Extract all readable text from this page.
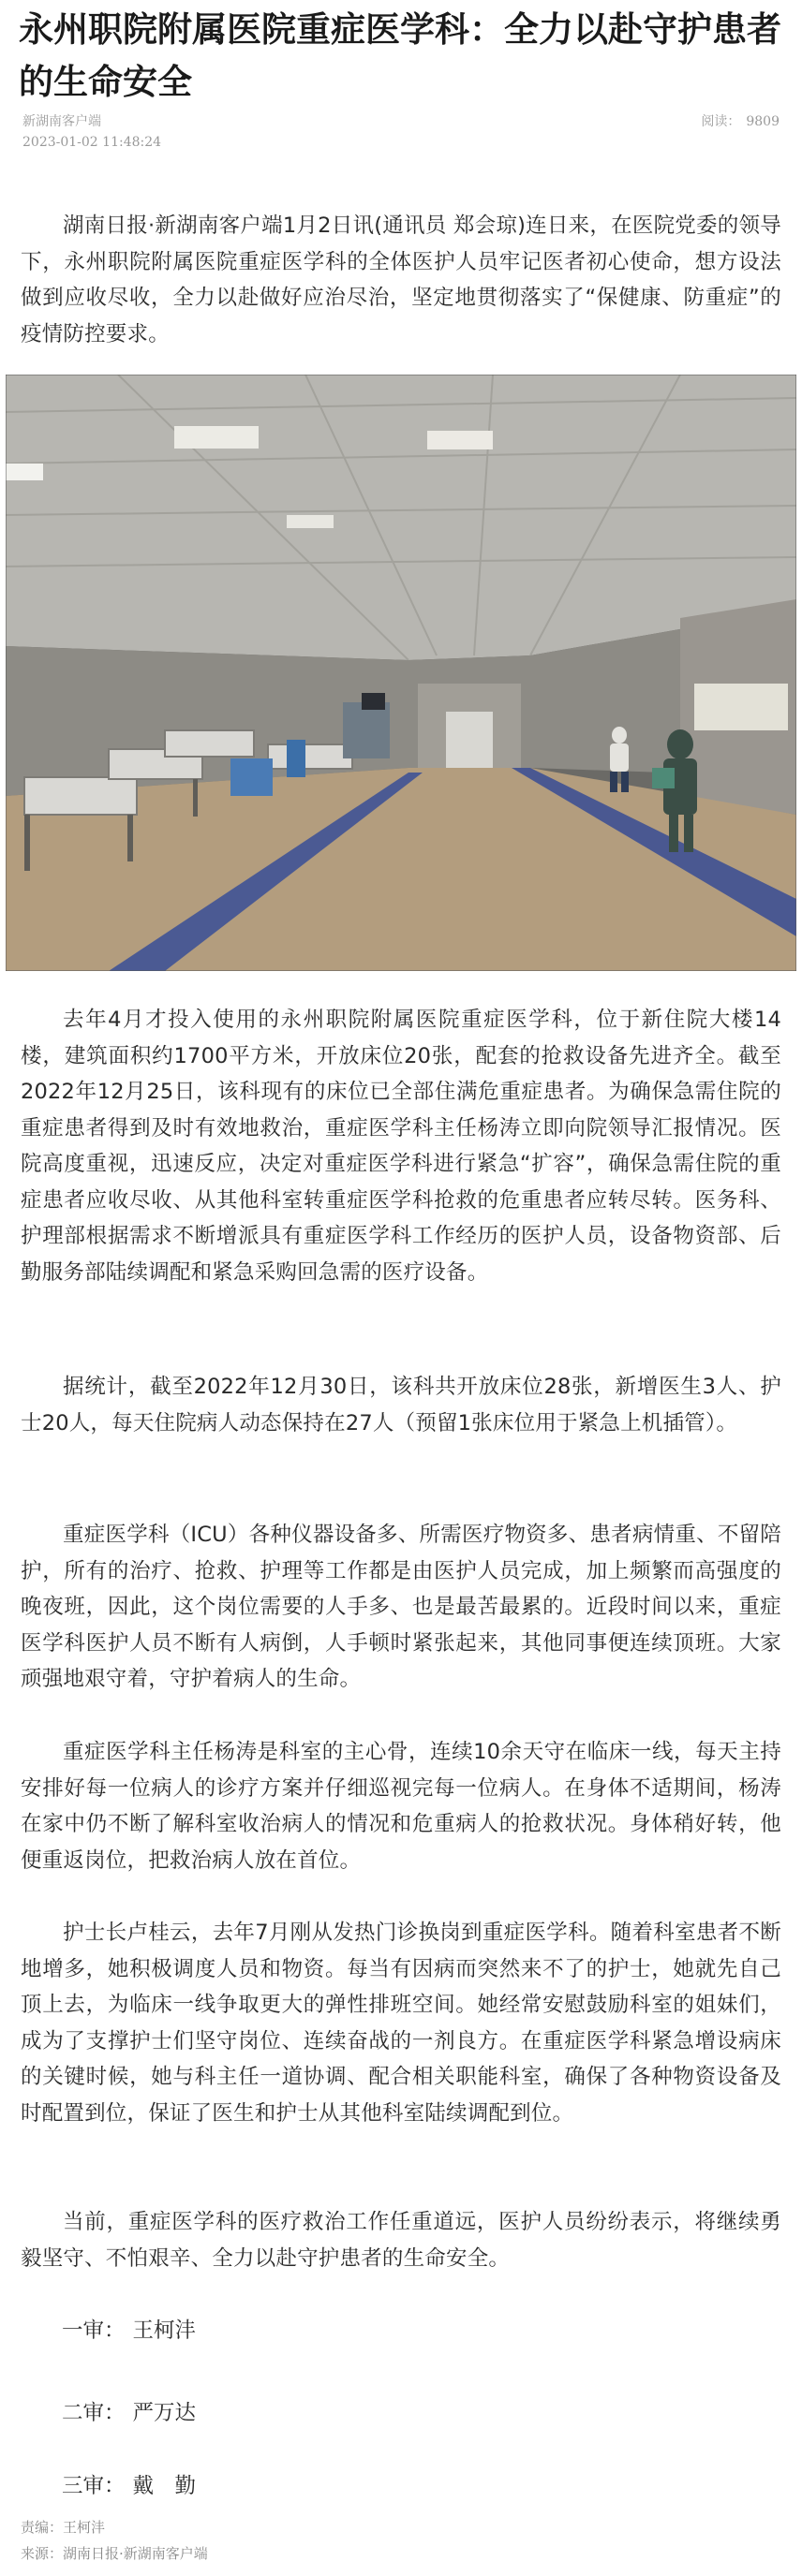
永州职院附属医院重症医学科：全力以赴守护患者的生命安全
新湖南客户端
2023-01-02 11:48:24
阅读： 9809

湖南日报·新湖南客户端1月2日讯(通讯员 郑会琼)连日来，在医院党委的领导下，永州职院附属医院重症医学科的全体医护人员牢记医者初心使命，想方设法做到应收尽收，全力以赴做好应治尽治，坚定地贯彻落实了“保健康、防重症”的疫情防控要求。

去年4月才投入使用的永州职院附属医院重症医学科，位于新住院大楼14楼，建筑面积约1700平方米，开放床位20张，配套的抢救设备先进齐全。截至2022年12月25日，该科现有的床位已全部住满危重症患者。为确保急需住院的重症患者得到及时有效地救治，重症医学科主任杨涛立即向院领导汇报情况。医院高度重视，迅速反应，决定对重症医学科进行紧急“扩容”，确保急需住院的重症患者应收尽收、从其他科室转重症医学科抢救的危重患者应转尽转。医务科、护理部根据需求不断增派具有重症医学科工作经历的医护人员，设备物资部、后勤服务部陆续调配和紧急采购回急需的医疗设备。

据统计，截至2022年12月30日，该科共开放床位28张，新增医生3人、护士20人，每天住院病人动态保持在27人（预留1张床位用于紧急上机插管）。

重症医学科（ICU）各种仪器设备多、所需医疗物资多、患者病情重、不留陪护，所有的治疗、抢救、护理等工作都是由医护人员完成，加上频繁而高强度的晚夜班，因此，这个岗位需要的人手多、也是最苦最累的。近段时间以来，重症医学科医护人员不断有人病倒，人手顿时紧张起来，其他同事便连续顶班。大家顽强地艰守着，守护着病人的生命。

重症医学科主任杨涛是科室的主心骨，连续10余天守在临床一线，每天主持安排好每一位病人的诊疗方案并仔细巡视完每一位病人。在身体不适期间，杨涛在家中仍不断了解科室收治病人的情况和危重病人的抢救状况。身体稍好转，他便重返岗位，把救治病人放在首位。

护士长卢桂云，去年7月刚从发热门诊换岗到重症医学科。随着科室患者不断地增多，她积极调度人员和物资。每当有因病而突然来不了的护士，她就先自己顶上去，为临床一线争取更大的弹性排班空间。她经常安慰鼓励科室的姐妹们，成为了支撑护士们坚守岗位、连续奋战的一剂良方。在重症医学科紧急增设病床的关键时候，她与科主任一道协调、配合相关职能科室，确保了各种物资设备及时配置到位，保证了医生和护士从其他科室陆续调配到位。

当前，重症医学科的医疗救治工作任重道远，医护人员纷纷表示，将继续勇毅坚守、不怕艰辛、全力以赴守护患者的生命安全。

一审： 王柯沣
二审： 严万达
三审： 戴　勤
责编：王柯沣
来源：湖南日报·新湖南客户端
